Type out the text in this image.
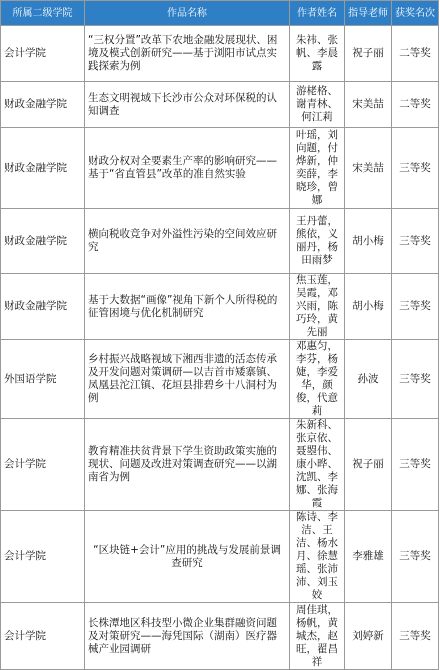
所属二级学院	作品名称	作者姓名	指导老师	获奖名次
会计学院	“三权分置”改革下农地金融发展现状、困境及模式创新研究——基于浏阳市试点实践探索为例	朱祎、张帆、李晨露	祝子丽	二等奖
财政金融学院	生态文明视域下长沙市公众对环保税的认知调查	游栳格、谢青林、何江莉	宋美喆	二等奖
财政金融学院	财政分权对全要素生产率的影响研究——基于“省直管县”改革的准自然实验	叶瑶，刘向题，付烨新，仲奕薛，李晓珍，曾娜	宋美喆	三等奖
财政金融学院	横向税收竞争对外溢性污染的空间效应研究	王丹蕾，熊依，义丽丹，杨田雨梦	胡小梅	三等奖
财政金融学院	基于大数据“画像”视角下新个人所得税的征管困境与优化机制研究	焦玉莲，吴霞，邓兴雨，陈巧玲，黄先丽	胡小梅	三等奖
外国语学院	乡村振兴战略视域下湘西非遗的活态传承及开发问题对策调研—以吉首市矮寨镇、凤凰县沱江镇、花垣县排碧乡十八洞村为例	邓惠匀，李芬，杨婕，李爱华，颜俊，代意莉	孙波	三等奖
会计学院	教育精准扶贫背景下学生资助政策实施的现状、问题及改进对策调查研究——以湖南省为例	朱新科、张京依、聂曌伟、康小晔、沈凯、李娜、张海霞	祝子丽	三等奖
会计学院	“区块链+会计”应用的挑战与发展前景调查研究	陈诗、李洁、王洁、杨水月、徐慧瑶、张沛沛、刘玉姣	李雅雄	三等奖
会计学院	长株潭地区科技型小微企业集群融资问题及对策研究——海凭国际（湖南）医疗器械产业园调研	周佳琪，杨帆，黄城杰，赵旺，翟昌祥	刘婷新	三等奖
